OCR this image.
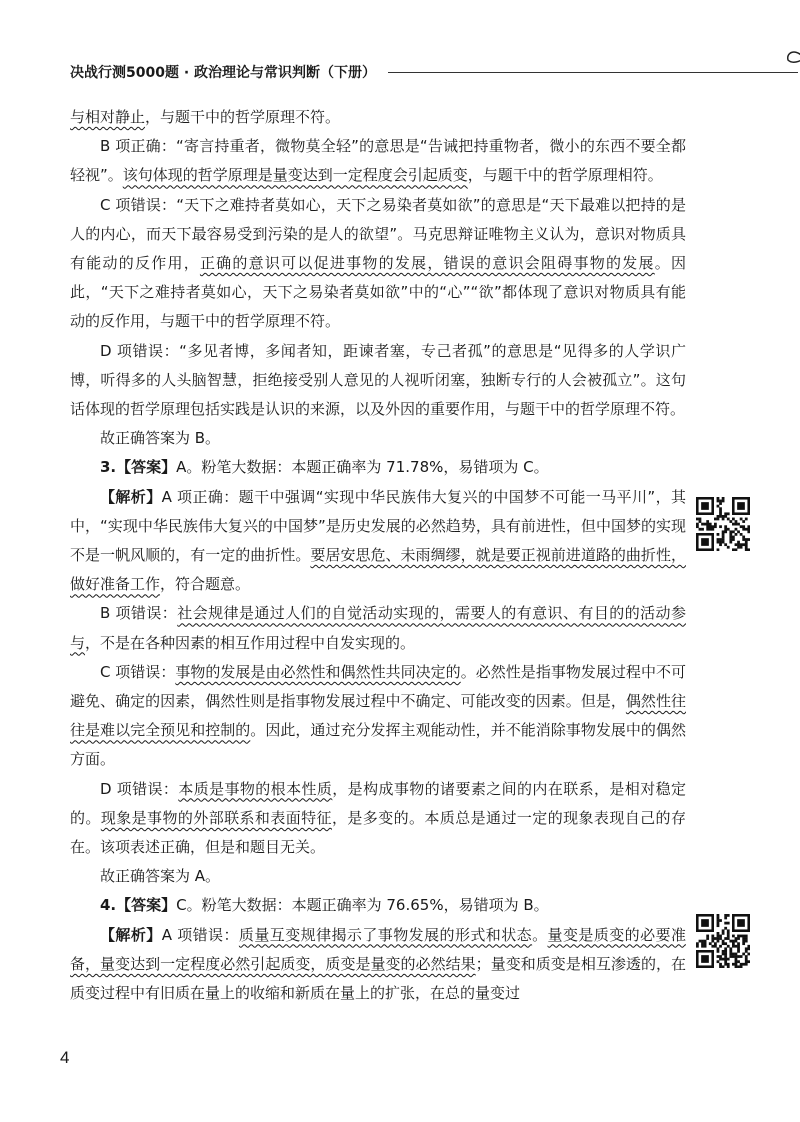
决战行测5000题 · 政治理论与常识判断（下册）

与相对静止，与题干中的哲学原理不符。

B 项正确：“寄言持重者，微物莫全轻”的意思是“告诫把持重物者，微小的东西不要全都轻视”。该句体现的哲学原理是量变达到一定程度会引起质变，与题干中的哲学原理相符。

C 项错误：“天下之难持者莫如心，天下之易染者莫如欲”的意思是“天下最难以把持的是人的内心，而天下最容易受到污染的是人的欲望”。马克思辩证唯物主义认为，意识对物质具有能动的反作用，正确的意识可以促进事物的发展，错误的意识会阻碍事物的发展。因此，“天下之难持者莫如心，天下之易染者莫如欲”中的“心”“欲”都体现了意识对物质具有能动的反作用，与题干中的哲学原理不符。

D 项错误：“多见者博，多闻者知，距谏者塞，专己者孤”的意思是“见得多的人学识广博，听得多的人头脑智慧，拒绝接受别人意见的人视听闭塞，独断专行的人会被孤立”。这句话体现的哲学原理包括实践是认识的来源，以及外因的重要作用，与题干中的哲学原理不符。

故正确答案为 B。

3.【答案】A。粉笔大数据：本题正确率为 71.78%，易错项为 C。

【解析】A 项正确：题干中强调“实现中华民族伟大复兴的中国梦不可能一马平川”，其中，“实现中华民族伟大复兴的中国梦”是历史发展的必然趋势，具有前进性，但中国梦的实现不是一帆风顺的，有一定的曲折性。要居安思危、未雨绸缪，就是要正视前进道路的曲折性，做好准备工作，符合题意。

B 项错误：社会规律是通过人们的自觉活动实现的，需要人的有意识、有目的的活动参与，不是在各种因素的相互作用过程中自发实现的。

C 项错误：事物的发展是由必然性和偶然性共同决定的。必然性是指事物发展过程中不可避免、确定的因素，偶然性则是指事物发展过程中不确定、可能改变的因素。但是，偶然性往往是难以完全预见和控制的。因此，通过充分发挥主观能动性，并不能消除事物发展中的偶然方面。

D 项错误：本质是事物的根本性质，是构成事物的诸要素之间的内在联系，是相对稳定的。现象是事物的外部联系和表面特征，是多变的。本质总是通过一定的现象表现自己的存在。该项表述正确，但是和题目无关。

故正确答案为 A。

4.【答案】C。粉笔大数据：本题正确率为 76.65%，易错项为 B。

【解析】A 项错误：质量互变规律揭示了事物发展的形式和状态。量变是质变的必要准备，量变达到一定程度必然引起质变，质变是量变的必然结果；量变和质变是相互渗透的，在质变过程中有旧质在量上的收缩和新质在量上的扩张，在总的量变过

4
